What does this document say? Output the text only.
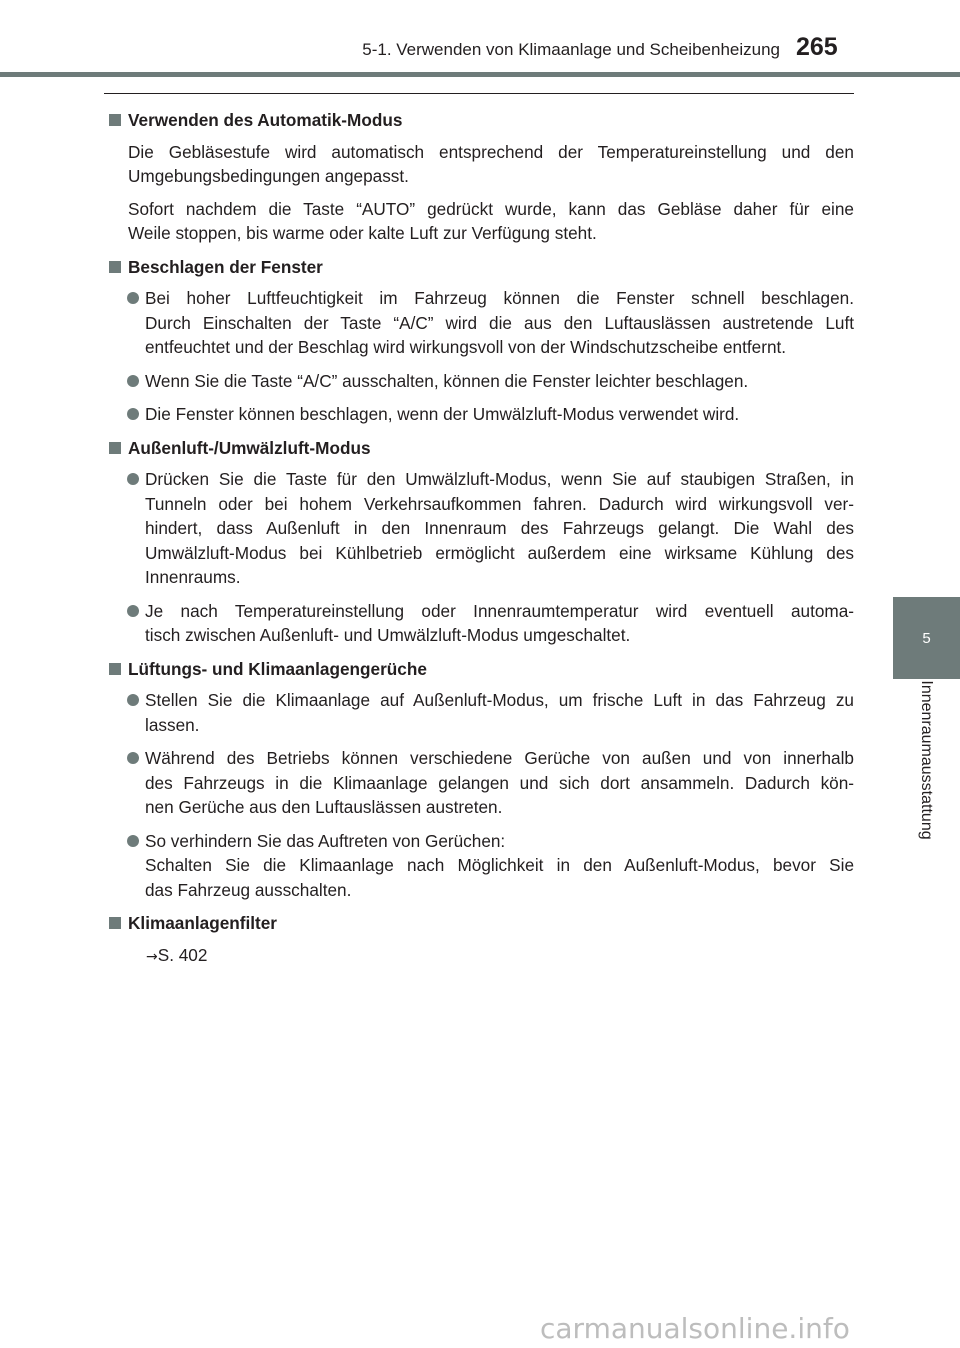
5-1. Verwenden von Klimaanlage und Scheibenheizung 265
5
Innenraumausstattung
Verwenden des Automatik-Modus
Die Gebläsestufe wird automatisch entsprechend der Temperatureinstellung und den
Umgebungsbedingungen angepasst.
Sofort nachdem die Taste “AUTO” gedrückt wurde, kann das Gebläse daher für eine
Weile stoppen, bis warme oder kalte Luft zur Verfügung steht.
Beschlagen der Fenster
Bei hoher Luftfeuchtigkeit im Fahrzeug können die Fenster schnell beschlagen.
Durch Einschalten der Taste “A/C” wird die aus den Luftauslässen austretende Luft
entfeuchtet und der Beschlag wird wirkungsvoll von der Windschutzscheibe entfernt.
Wenn Sie die Taste “A/C” ausschalten, können die Fenster leichter beschlagen.
Die Fenster können beschlagen, wenn der Umwälzluft-Modus verwendet wird.
Außenluft-/Umwälzluft-Modus
Drücken Sie die Taste für den Umwälzluft-Modus, wenn Sie auf staubigen Straßen, in
Tunneln oder bei hohem Verkehrsaufkommen fahren. Dadurch wird wirkungsvoll ver-
hindert, dass Außenluft in den Innenraum des Fahrzeugs gelangt. Die Wahl des
Umwälzluft-Modus bei Kühlbetrieb ermöglicht außerdem eine wirksame Kühlung des
Innenraums.
Je nach Temperatureinstellung oder Innenraumtemperatur wird eventuell automa-
tisch zwischen Außenluft- und Umwälzluft-Modus umgeschaltet.
Lüftungs- und Klimaanlagengerüche
Stellen Sie die Klimaanlage auf Außenluft-Modus, um frische Luft in das Fahrzeug zu
lassen.
Während des Betriebs können verschiedene Gerüche von außen und von innerhalb
des Fahrzeugs in die Klimaanlage gelangen und sich dort ansammeln. Dadurch kön-
nen Gerüche aus den Luftauslässen austreten.
So verhindern Sie das Auftreten von Gerüchen:
Schalten Sie die Klimaanlage nach Möglichkeit in den Außenluft-Modus, bevor Sie
das Fahrzeug ausschalten.
Klimaanlagenfilter
→S. 402
carmanualsonline.info
